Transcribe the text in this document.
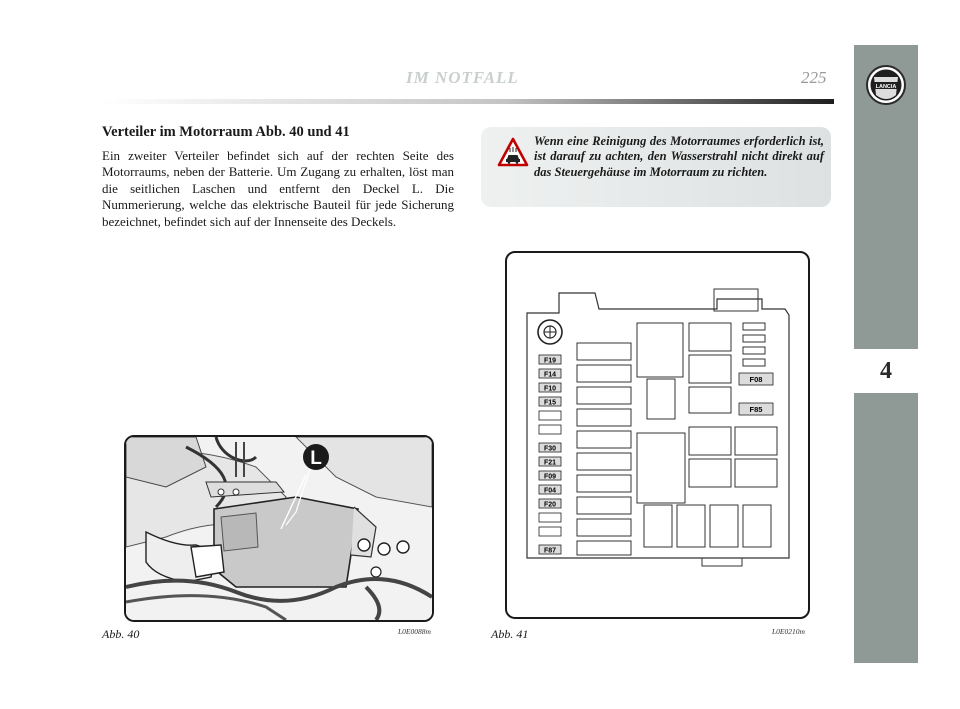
LANCIA
4
IM NOTFALL	225
Verteiler im Motorraum Abb. 40 und 41
Ein zweiter Verteiler befindet sich auf der rechten Seite des Motorraums, neben der Batterie. Um Zugang zu erhalten, löst man die seitlichen Laschen und entfernt den Deckel L. Die Nummerierung, welche das elektrische Bauteil für jede Sicherung bezeichnet, befindet sich auf der Innenseite des Deckels.
Wenn eine Reinigung des Motorraumes erforderlich ist, ist darauf zu achten, den Wasserstrahl nicht direkt auf das Steuergehäuse im Motorraum zu richten.
L
Abb. 40	L0E0088m
F19
F14
F10
F15
F30
F21
F09
F04
F20
F87
F08
F85
Abb. 41	L0E0210m
